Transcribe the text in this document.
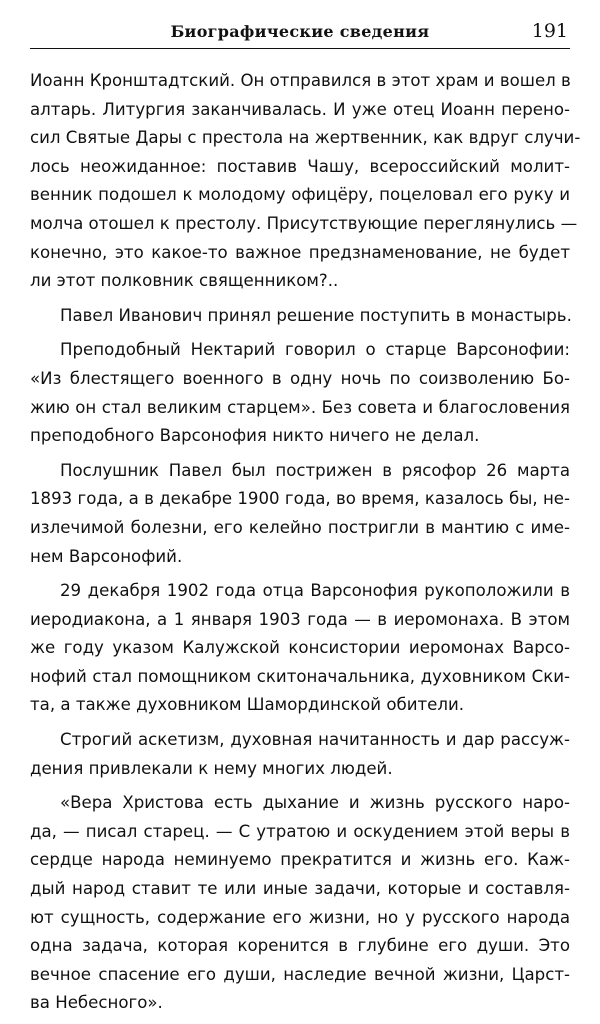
Биографические сведения	191
Иоанн Кронштадтский. Он отправился в этот храм и вошел в
алтарь. Литургия заканчивалась. И уже отец Иоанн перено-
сил Святые Дары с престола на жертвенник, как вдруг случи-
лось неожиданное: поставив Чашу, всероссийский молит-
венник подошел к молодому офицёру, поцеловал его руку и
молча отошел к престолу. Присутствующие переглянулись —
конечно, это какое-то важное предзнаменование, не будет
ли этот полковник священником?..
Павел Иванович принял решение поступить в монастырь.
Преподобный Нектарий говорил о старце Варсонофии:
«Из блестящего военного в одну ночь по соизволению Бо-
жию он стал великим старцем». Без совета и благословения
преподобного Варсонофия никто ничего не делал.
Послушник Павел был пострижен в рясофор 26 марта
1893 года, а в декабре 1900 года, во время, казалось бы, не-
излечимой болезни, его келейно постригли в мантию с име-
нем Варсонофий.
29 декабря 1902 года отца Варсонофия рукоположили в
иеродиакона, а 1 января 1903 года — в иеромонаха. В этом
же году указом Калужской консистории иеромонах Варсо-
нофий стал помощником скитоначальника, духовником Ски-
та, а также духовником Шамординской обители.
Строгий аскетизм, духовная начитанность и дар рассуж-
дения привлекали к нему многих людей.
«Вера Христова есть дыхание и жизнь русского наро-
да, — писал старец. — С утратою и оскудением этой веры в
сердце народа неминуемо прекратится и жизнь его. Каж-
дый народ ставит те или иные задачи, которые и составля-
ют сущность, содержание его жизни, но у русского народа
одна задача, которая коренится в глубине его души. Это
вечное спасение его души, наследие вечной жизни, Царст-
ва Небесного».
